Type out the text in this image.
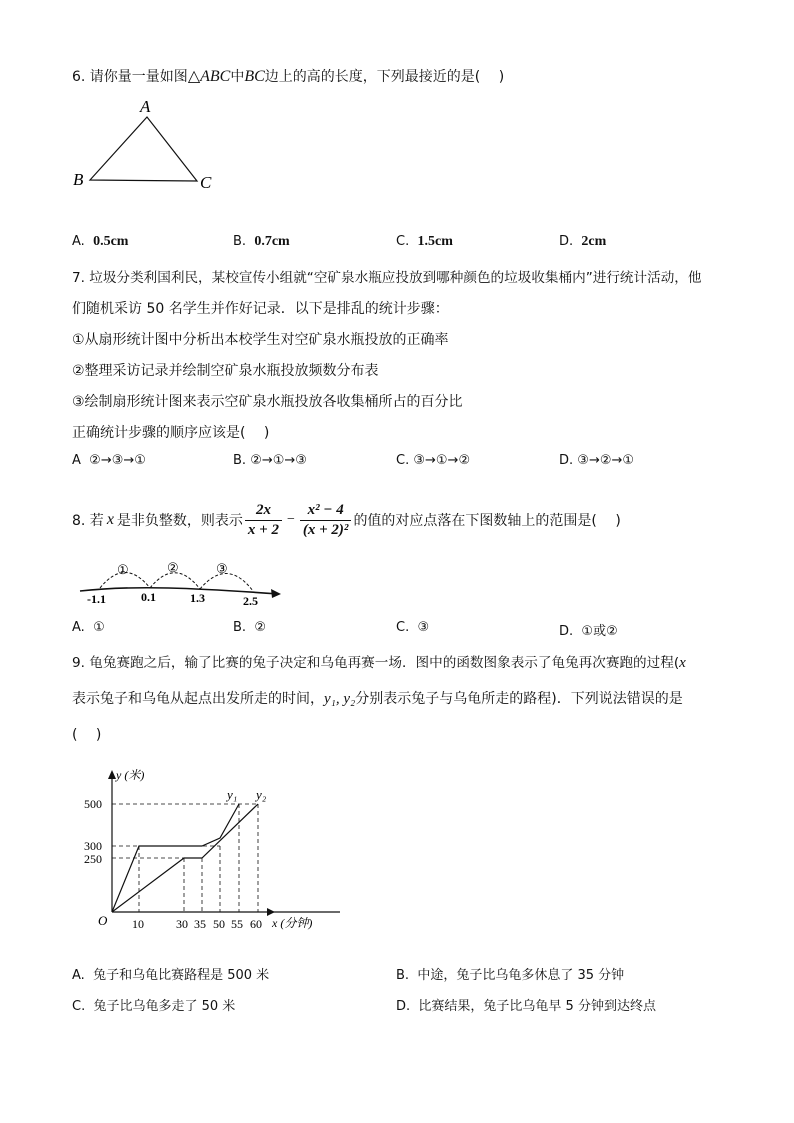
6. 请你量一量如图△ABC中BC边上的高的长度，下列最接近的是(　 )
A
B	C
A. 0.5cm	B. 0.7cm	C. 1.5cm	D. 2cm
7. 垃圾分类利国利民，某校宣传小组就“空矿泉水瓶应投放到哪种颜色的垃圾收集桶内”进行统计活动，他
们随机采访 50 名学生并作好记录．以下是排乱的统计步骤：
①从扇形统计图中分析出本校学生对空矿泉水瓶投放的正确率
②整理采访记录并绘制空矿泉水瓶投放频数分布表
③绘制扇形统计图来表示空矿泉水瓶投放各收集桶所占的百分比
正确统计步骤的顺序应该是(　 )
A ②→③→①	B. ②→①→③	C. ③→①→②	D. ③→②→①
8. 若 x 是非负整数，则表示 $\frac{2x}{x + 2} - \frac{\text{x² − 4}}{\text{(x + 2)²}}$ 的值的对应点落在下图数轴上的范围是(　 )
①	②	③
-1.1	0.1	1.3	2.5
A. ①	B. ②	C. ③	D. ①或②
9. 龟兔赛跑之后，输了比赛的兔子决定和乌龟再赛一场．图中的函数图象表示了龟兔再次赛跑的过程(x
表示兔子和乌龟从起点出发所走的时间，y₁, y₂分别表示兔子与乌龟所走的路程)．下列说法错误的是
(　 )
y (米)
x (分钟)
O
500
300
250
10	30 35 50 55 60
y₁ y₂
A. 兔子和乌龟比赛路程是 500 米	B. 中途，兔子比乌龟多休息了 35 分钟
C. 兔子比乌龟多走了 50 米	D. 比赛结果，兔子比乌龟早 5 分钟到达终点
